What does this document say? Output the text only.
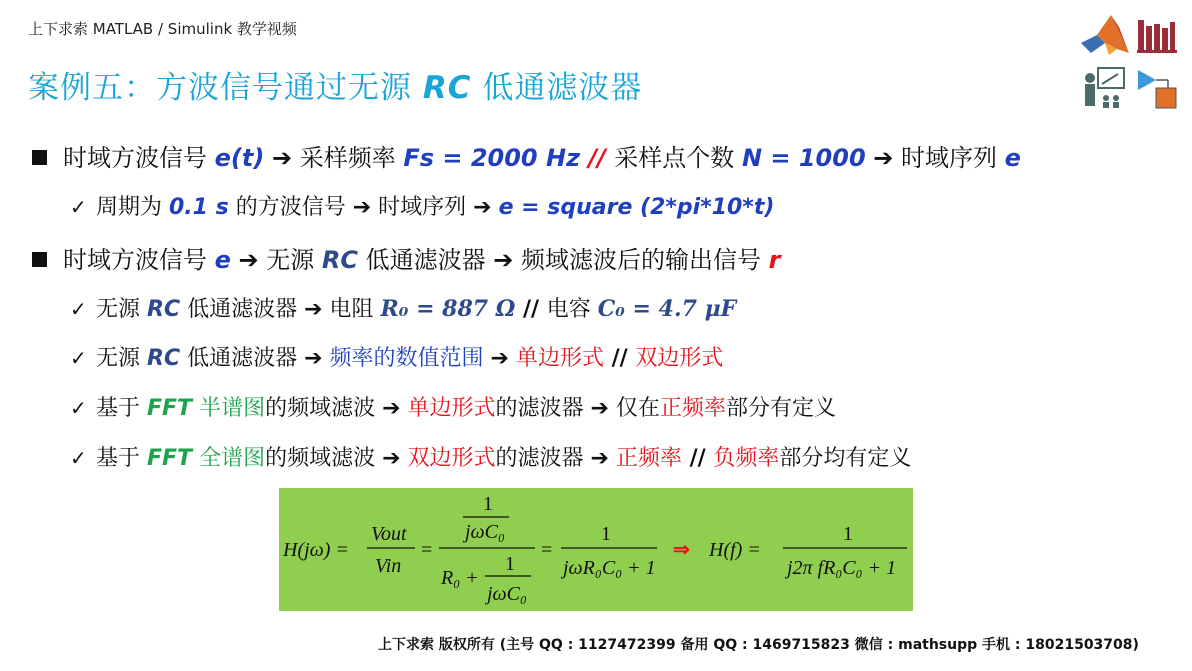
上下求索 MATLAB / Simulink 教学视频
案例五：方波信号通过无源 RC 低通滤波器
时域方波信号 e(t) ➔ 采样频率 Fs = 2000 Hz // 采样点个数 N = 1000 ➔ 时域序列 e
✓ 周期为 0.1 s 的方波信号 ➔ 时域序列 ➔ e = square (2*pi*10*t)
时域方波信号 e ➔ 无源 RC 低通滤波器 ➔ 频域滤波后的输出信号 r
✓ 无源 RC 低通滤波器 ➔ 电阻 R₀ = 887 Ω // 电容 C₀ = 4.7 μF
✓ 无源 RC 低通滤波器 ➔ 频率的数值范围 ➔ 单边形式 // 双边形式
✓ 基于 FFT 半谱图的频域滤波 ➔ 单边形式的滤波器 ➔ 仅在正频率部分有定义
✓ 基于 FFT 全谱图的频域滤波 ➔ 双边形式的滤波器 ➔ 正频率 // 负频率部分均有定义
H(jω) =
Vout
Vin
=
1
jωC₀
R₀ +
1
jωC₀
=
1
jωR₀C₀ + 1
⇒ H(f) =
1
j2π fR₀C₀ + 1
上下求索 版权所有 (主号 QQ : 1127472399 备用 QQ : 1469715823 微信 : mathsupp 手机 : 18021503708)
